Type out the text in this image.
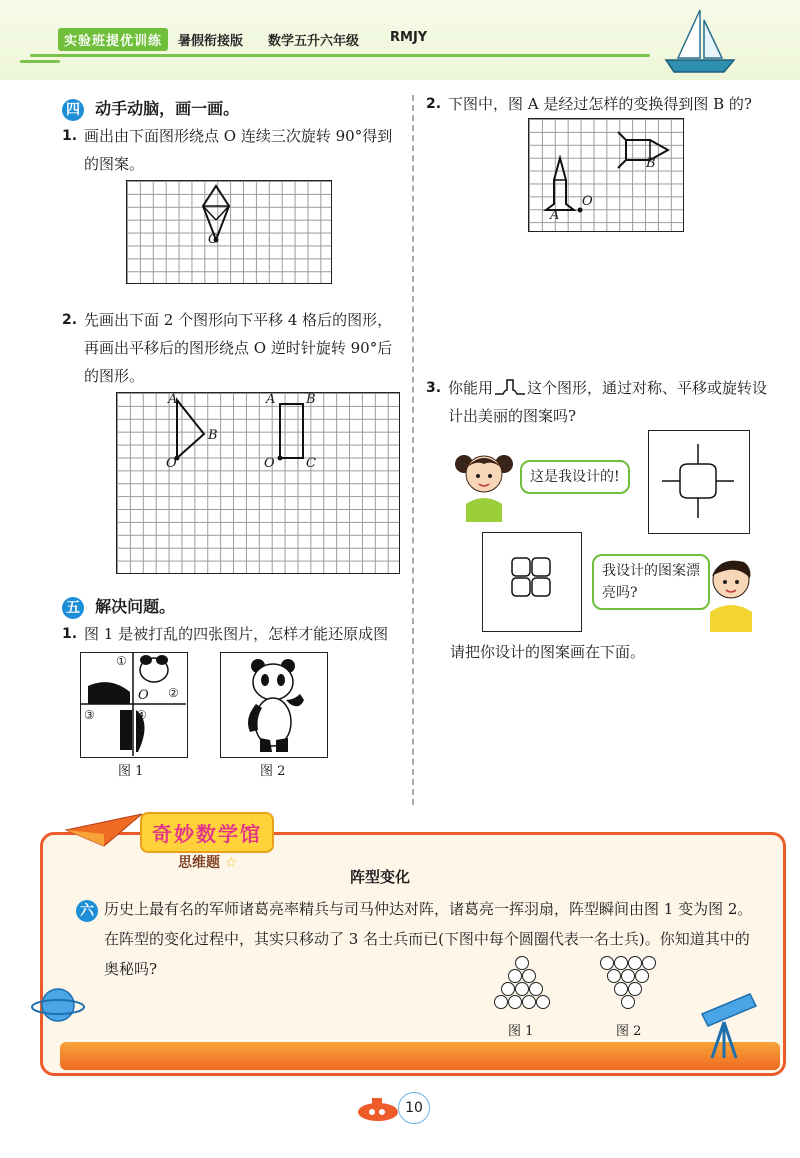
实验班提优训练	暑假衔接版 数学五升六年级 RMJY
四 动手动脑，画一画。
1. 画出由下面图形绕点 O 连续三次旋转 90°得到的图案。
O
2. 先画出下面 2 个图形向下平移 4 格后的图形，再画出平移后的图形绕点 O 逆时针旋转 90°后的图形。
A
B
O
A B
O C
五 解决问题。
1. 图 1 是被打乱的四张图片，怎样才能还原成图
①
②
③	④
O
图 1	图 2
2. 下图中，图 A 是经过怎样的变换得到图 B 的?
A
B
O
3. 你能用 这个图形，通过对称、平移或旋转设计出美丽的图案吗?
这是我设计的!
我设计的图案漂亮吗?
请把你设计的图案画在下面。
奇妙数学馆
思维题 ☆
阵型变化
六 历史上最有名的军师诸葛亮率精兵与司马仲达对阵，诸葛亮一挥羽扇，阵型瞬间由图 1 变为图 2。在阵型的变化过程中，其实只移动了 3 名士兵而已(下图中每个圆圈代表一名士兵)。你知道其中的奥秘吗?
图 1	图 2
10
